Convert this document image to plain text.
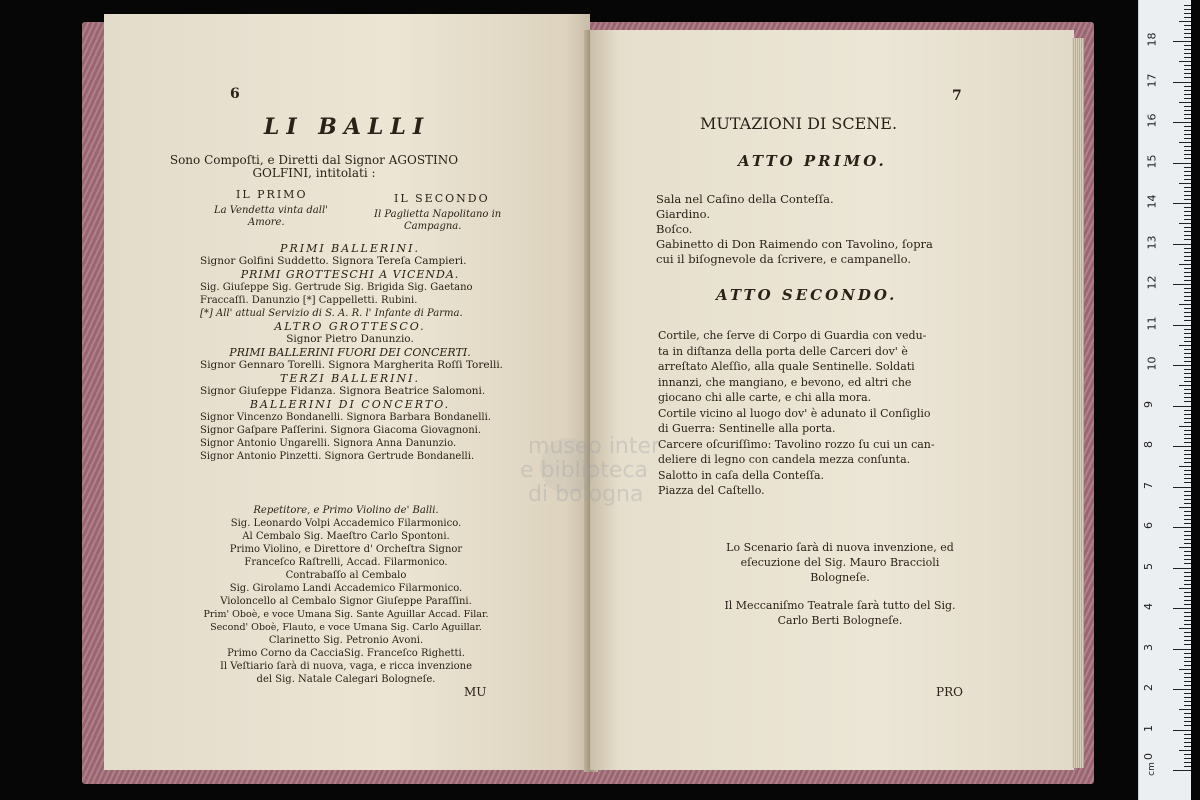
6
LI BALLI
Sono Compoſti, e Diretti dal Signor AGOSTINO
GOLFINI, intitolati :
IL PRIMO	IL SECONDO
La Vendetta vinta dall'
Amore.
Il Paglietta Napolitano in
Campagna.
PRIMI BALLERINI.
Signor Golfini Suddetto. Signora Tereſa Campieri.
PRIMI GROTTESCHI A VICENDA.
Sig. Giuſeppe Sig. Gertrude Sig. Brigida Sig. Gaetano
Fraccaſſi. Danunzio [*] Cappelletti. Rubini.
[*] All' attual Servizio di S. A. R. l' Infante di Parma.
ALTRO GROTTESCO.
Signor Pietro Danunzio.
PRIMI BALLERINI FUORI DEI CONCERTI.
Signor Gennaro Torelli. Signora Margherita Roſſi Torelli.
TERZI BALLERINI.
Signor Giuſeppe Fidanza. Signora Beatrice Salomoni.
BALLERINI DI CONCERTO.
Signor Vincenzo Bondanelli. Signora Barbara Bondanelli.
Signor Gaſpare Paſſerini. Signora Giacoma Giovagnoni.
Signor Antonio Ungarelli. Signora Anna Danunzio.
Signor Antonio Pinzetti. Signora Gertrude Bondanelli.
Repetitore, e Primo Violino de' Balli.
Sig. Leonardo Volpi Accademico Filarmonico.
Al Cembalo Sig. Maeſtro Carlo Spontoni.
Primo Violino, e Direttore d' Orcheſtra Signor
Franceſco Raſtrelli, Accad. Filarmonico.
Contrabaſſo al Cembalo
Sig. Girolamo Landi Accademico Filarmonico.
Violoncello al Cembalo Signor Giuſeppe Paraſſini.
Prim' Oboè, e voce Umana Sig. Sante Aguillar Accad. Filar.
Second' Oboè, Flauto, e voce Umana Sig. Carlo Aguillar.
Clarinetto Sig. Petronio Avoni.
Primo Corno da CacciaSig. Franceſco Righetti.
Il Veſtiario ſarà di nuova, vaga, e ricca invenzione
del Sig. Natale Calegari Bologneſe.
MU
7
MUTAZIONI DI SCENE.
ATTO PRIMO.
Sala nel Caſino della Conteſſa.
Giardino.
Boſco.
Gabinetto di Don Raimendo con Tavolino, ſopra
cui il biſognevole da ſcrivere, e campanello.
ATTO SECONDO.
Cortile, che ſerve di Corpo di Guardia con vedu-
ta in diſtanza della porta delle Carceri dov' è
arreſtato Aleſſio, alla quale Sentinelle. Soldati
innanzi, che mangiano, e bevono, ed altri che
giocano chi alle carte, e chi alla mora.
Cortile vicino al luogo dov' è adunato il Conſiglio
di Guerra: Sentinelle alla porta.
Carcere oſcuriſſimo: Tavolino rozzo ſu cui un can-
deliere di legno con candela mezza conſunta.
Salotto in caſa della Conteſſa.
Piazza del Caſtello.
Lo Scenario ſarà di nuova invenzione, ed
eſecuzione del Sig. Mauro Braccioli
Bologneſe.
Il Meccaniſmo Teatrale ſarà tutto del Sig.
Carlo Berti Bologneſe.
PRO
museo inter
e biblioteca
di bologna
cm
0
1
2
3
4
5
6
7
8
9
10
11
12
13
14
15
16
17
18
